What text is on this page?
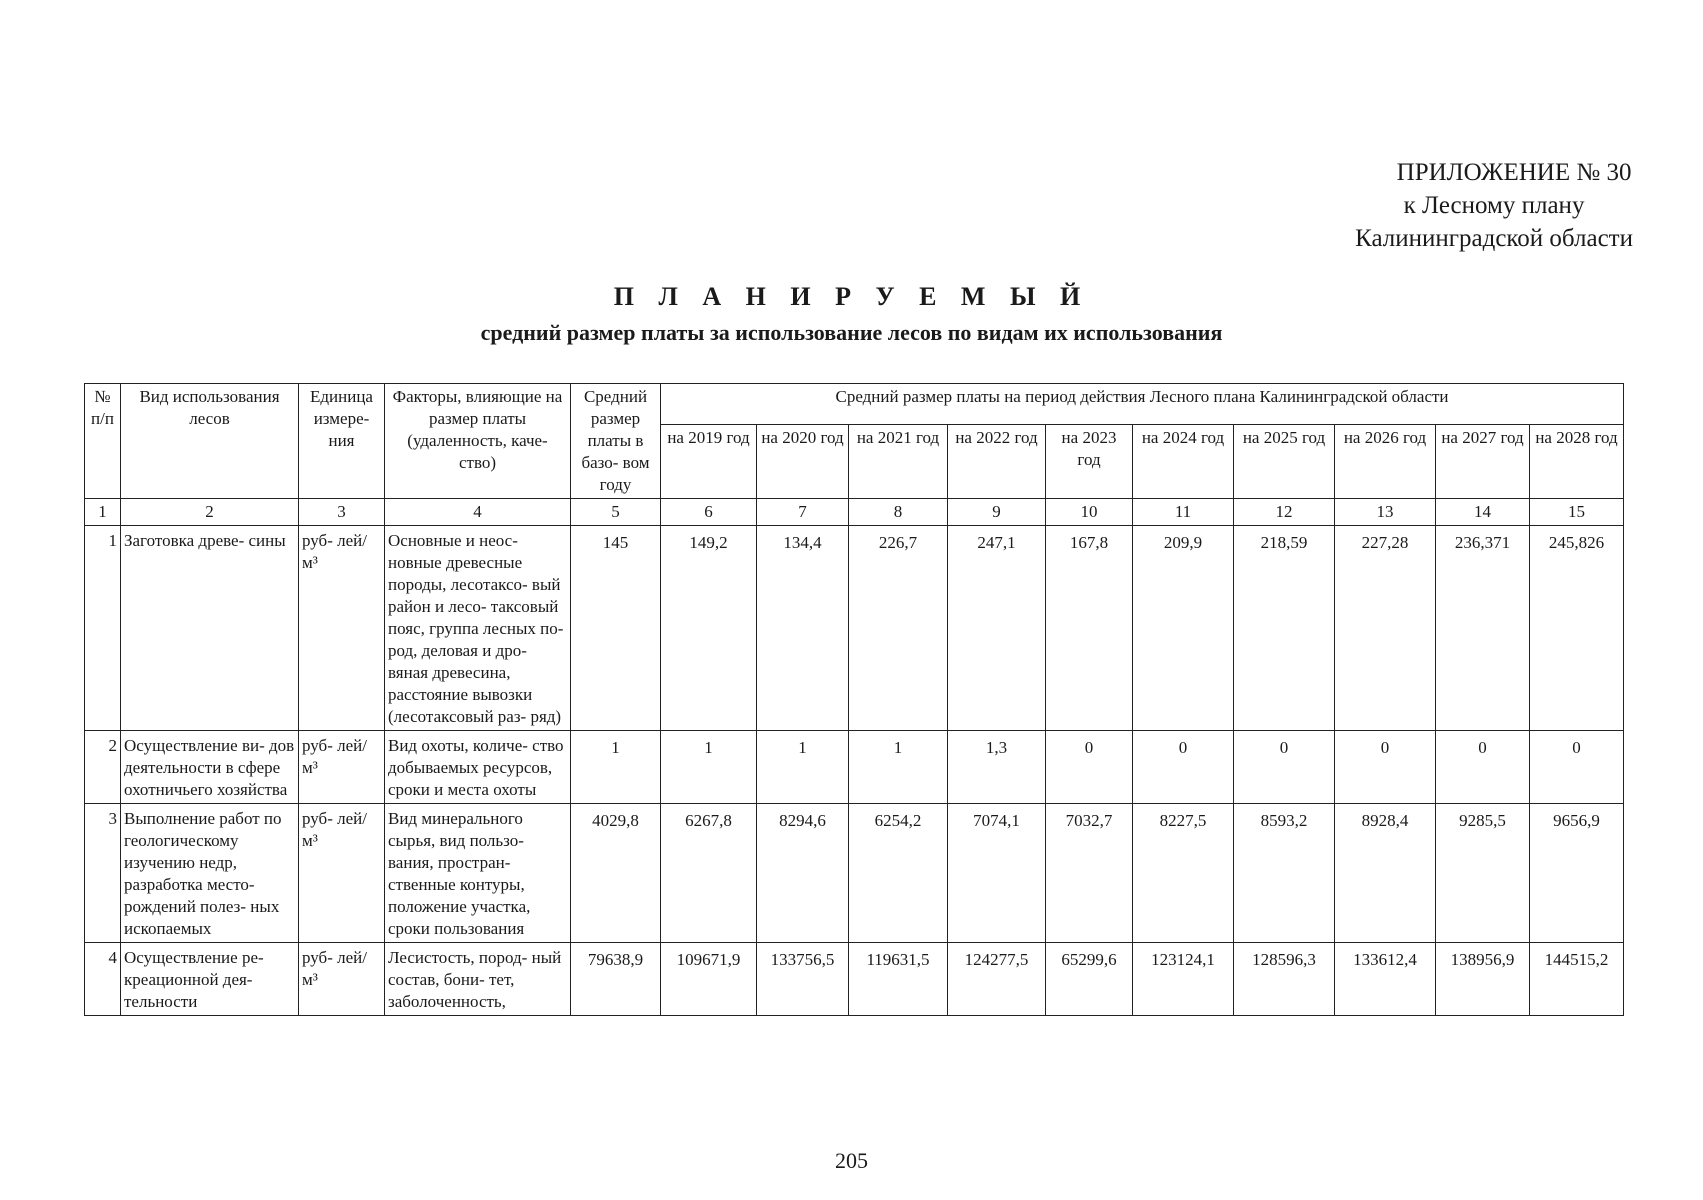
ПРИЛОЖЕНИЕ № 30
к Лесному плану
Калининградской области
П Л А Н И Р У Е М Ы Й
средний размер платы за использование лесов по видам их использования
№ п/п	Вид использования лесов	Единица измере- ния	Факторы, влияющие на размер платы (удаленность, каче- ство)	Средний размер платы в базо- вом году	Средний размер платы на период действия Лесного плана Калининградской области									
					на 2019 год	на 2020 год	на 2021 год	на 2022 год	на 2023 год	на 2024 год	на 2025 год	на 2026 год	на 2027 год	на 2028 год
1	2	3	4	5	6	7	8	9	10	11	12	13	14	15
1	Заготовка древе- сины	руб- лей/м³	Основные и неос- новные древесные породы, лесотаксо- вый район и лесо- таксовый пояс, группа лесных по- род, деловая и дро- вяная древесина, расстояние вывозки (лесотаксовый раз- ряд)	145	149,2	134,4	226,7	247,1	167,8	209,9	218,59	227,28	236,371	245,826
2	Осуществление ви- дов деятельности в сфере охотничьего хозяйства	руб- лей/м³	Вид охоты, количе- ство добываемых ресурсов, сроки и места охоты	1	1	1	1	1,3	0	0	0	0	0	0
3	Выполнение работ по геологическому изучению недр, разработка место- рождений полез- ных ископаемых	руб- лей/м³	Вид минерального сырья, вид пользо- вания, простран- ственные контуры, положение участка, сроки пользования	4029,8	6267,8	8294,6	6254,2	7074,1	7032,7	8227,5	8593,2	8928,4	9285,5	9656,9
4	Осуществление ре- креационной дея- тельности	руб- лей/м³	Лесистость, пород- ный состав, бони- тет, заболоченность,	79638,9	109671,9	133756,5	119631,5	124277,5	65299,6	123124,1	128596,3	133612,4	138956,9	144515,2
205
